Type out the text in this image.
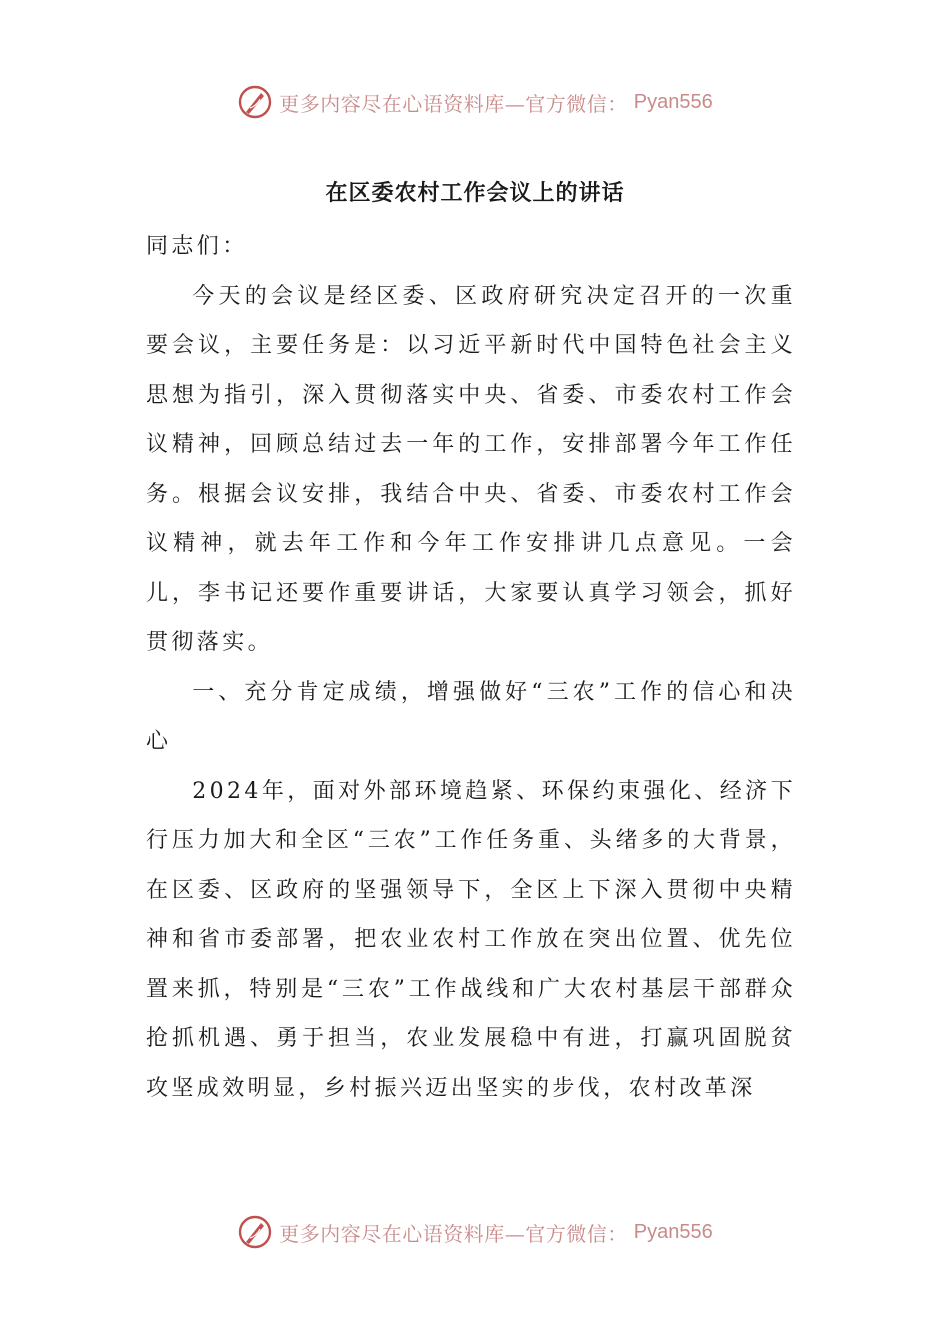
更多内容尽在心语资料库—官方微信： Pyan556
在区委农村工作会议上的讲话

同志们：

今天的会议是经区委、区政府研究决定召开的一次重要会议，主要任务是：以习近平新时代中国特色社会主义思想为指引，深入贯彻落实中央、省委、市委农村工作会议精神，回顾总结过去一年的工作，安排部署今年工作任务。根据会议安排，我结合中央、省委、市委农村工作会议精神，就去年工作和今年工作安排讲几点意见。一会儿，李书记还要作重要讲话，大家要认真学习领会，抓好贯彻落实。

一、充分肯定成绩，增强做好“三农”工作的信心和决心

2024年，面对外部环境趋紧、环保约束强化、经济下行压力加大和全区“三农”工作任务重、头绪多的大背景，在区委、区政府的坚强领导下，全区上下深入贯彻中央精神和省市委部署，把农业农村工作放在突出位置、优先位置来抓，特别是“三农”工作战线和广大农村基层干部群众抢抓机遇、勇于担当，农业发展稳中有进，打赢巩固脱贫攻坚成效明显，乡村振兴迈出坚实的步伐，农村改革深

更多内容尽在心语资料库—官方微信： Pyan556
